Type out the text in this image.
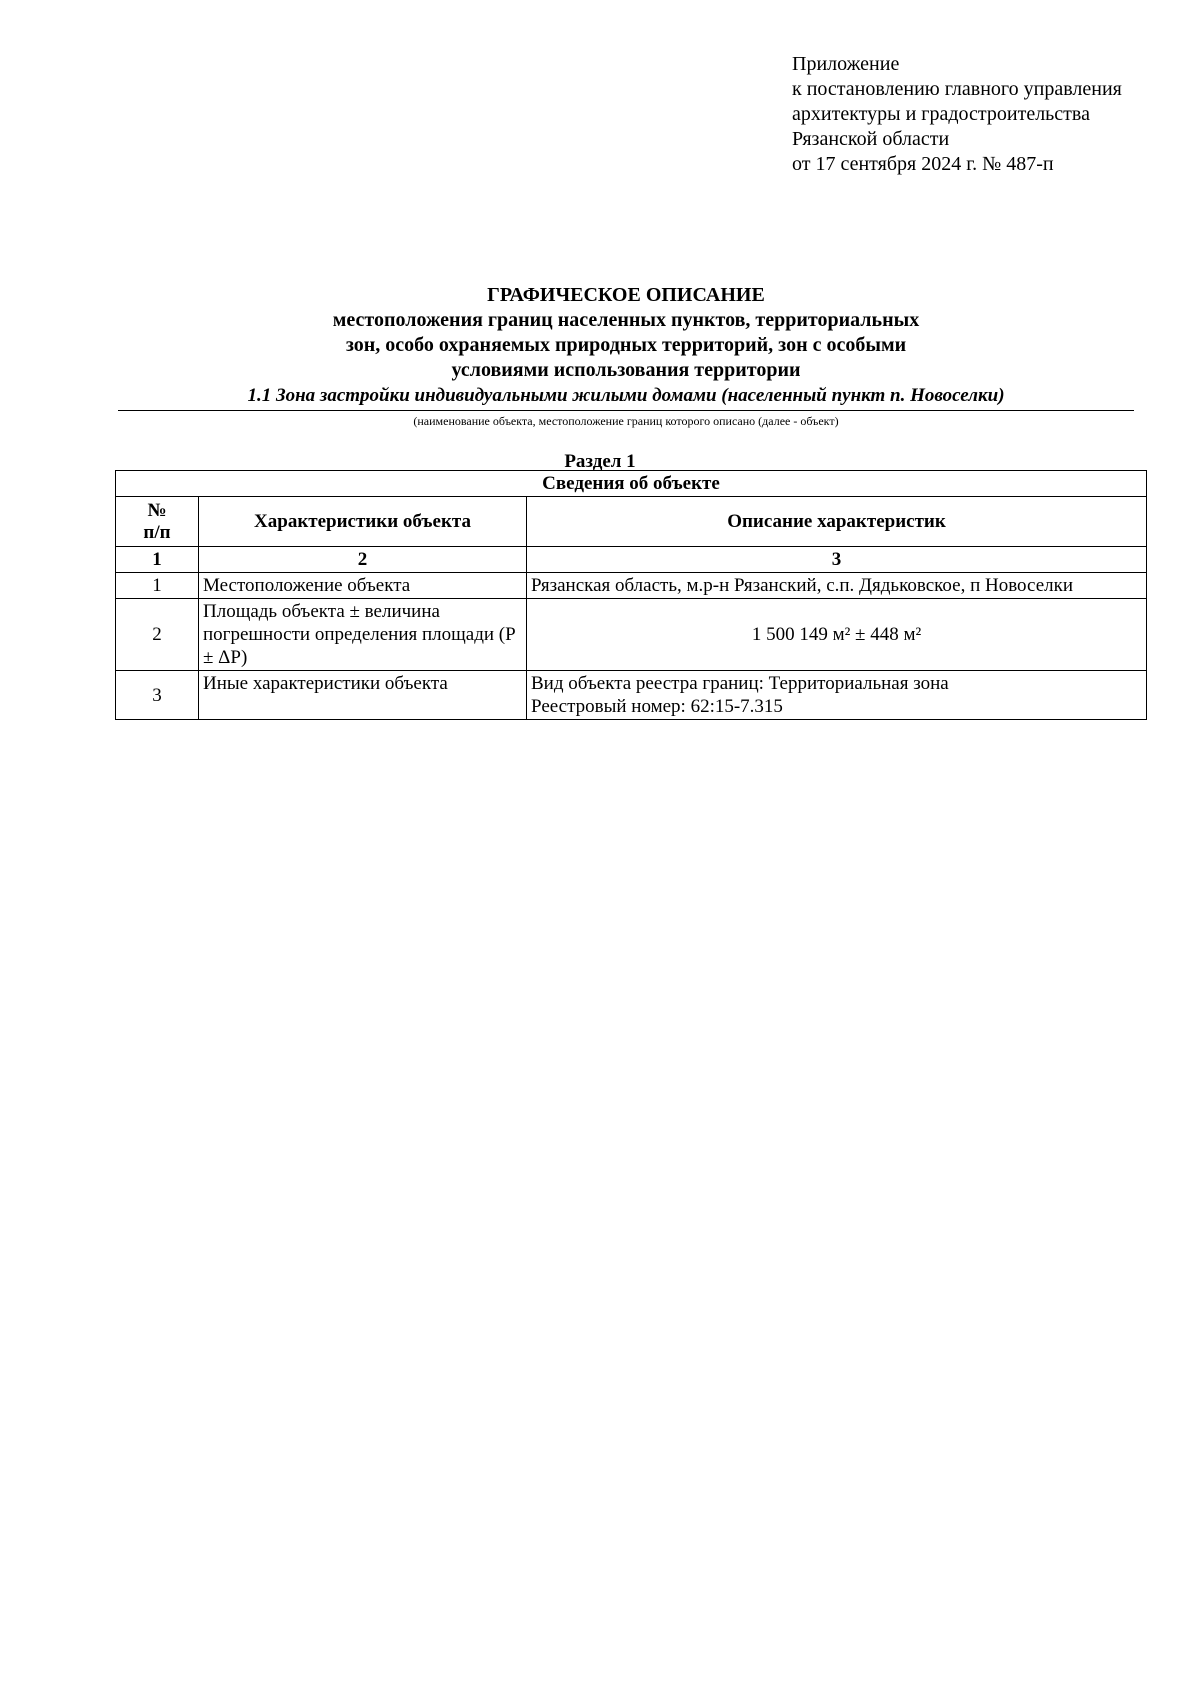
Приложение
к постановлению главного управления
архитектуры и градостроительства
Рязанской области
от 17 сентября 2024 г. № 487-п
ГРАФИЧЕСКОЕ ОПИСАНИЕ
местоположения границ населенных пунктов, территориальных
зон, особо охраняемых природных территорий, зон с особыми
условиями использования территории
1.1 Зона застройки индивидуальными жилыми домами (населенный пункт п. Новоселки)
(наименование объекта, местоположение границ которого описано (далее - объект)
Раздел 1
Сведения об объекте		
№
п/п	Характеристики объекта	Описание характеристик
1	2	3
1	Местоположение объекта	Рязанская область, м.р-н Рязанский, с.п. Дядьковское, п Новоселки
2	Площадь объекта ± величина погрешности определения площади (P ± ΔP)	1 500 149 м² ± 448 м²
3	Иные характеристики объекта	Вид объекта реестра границ: Территориальная зона
Реестровый номер: 62:15-7.315
